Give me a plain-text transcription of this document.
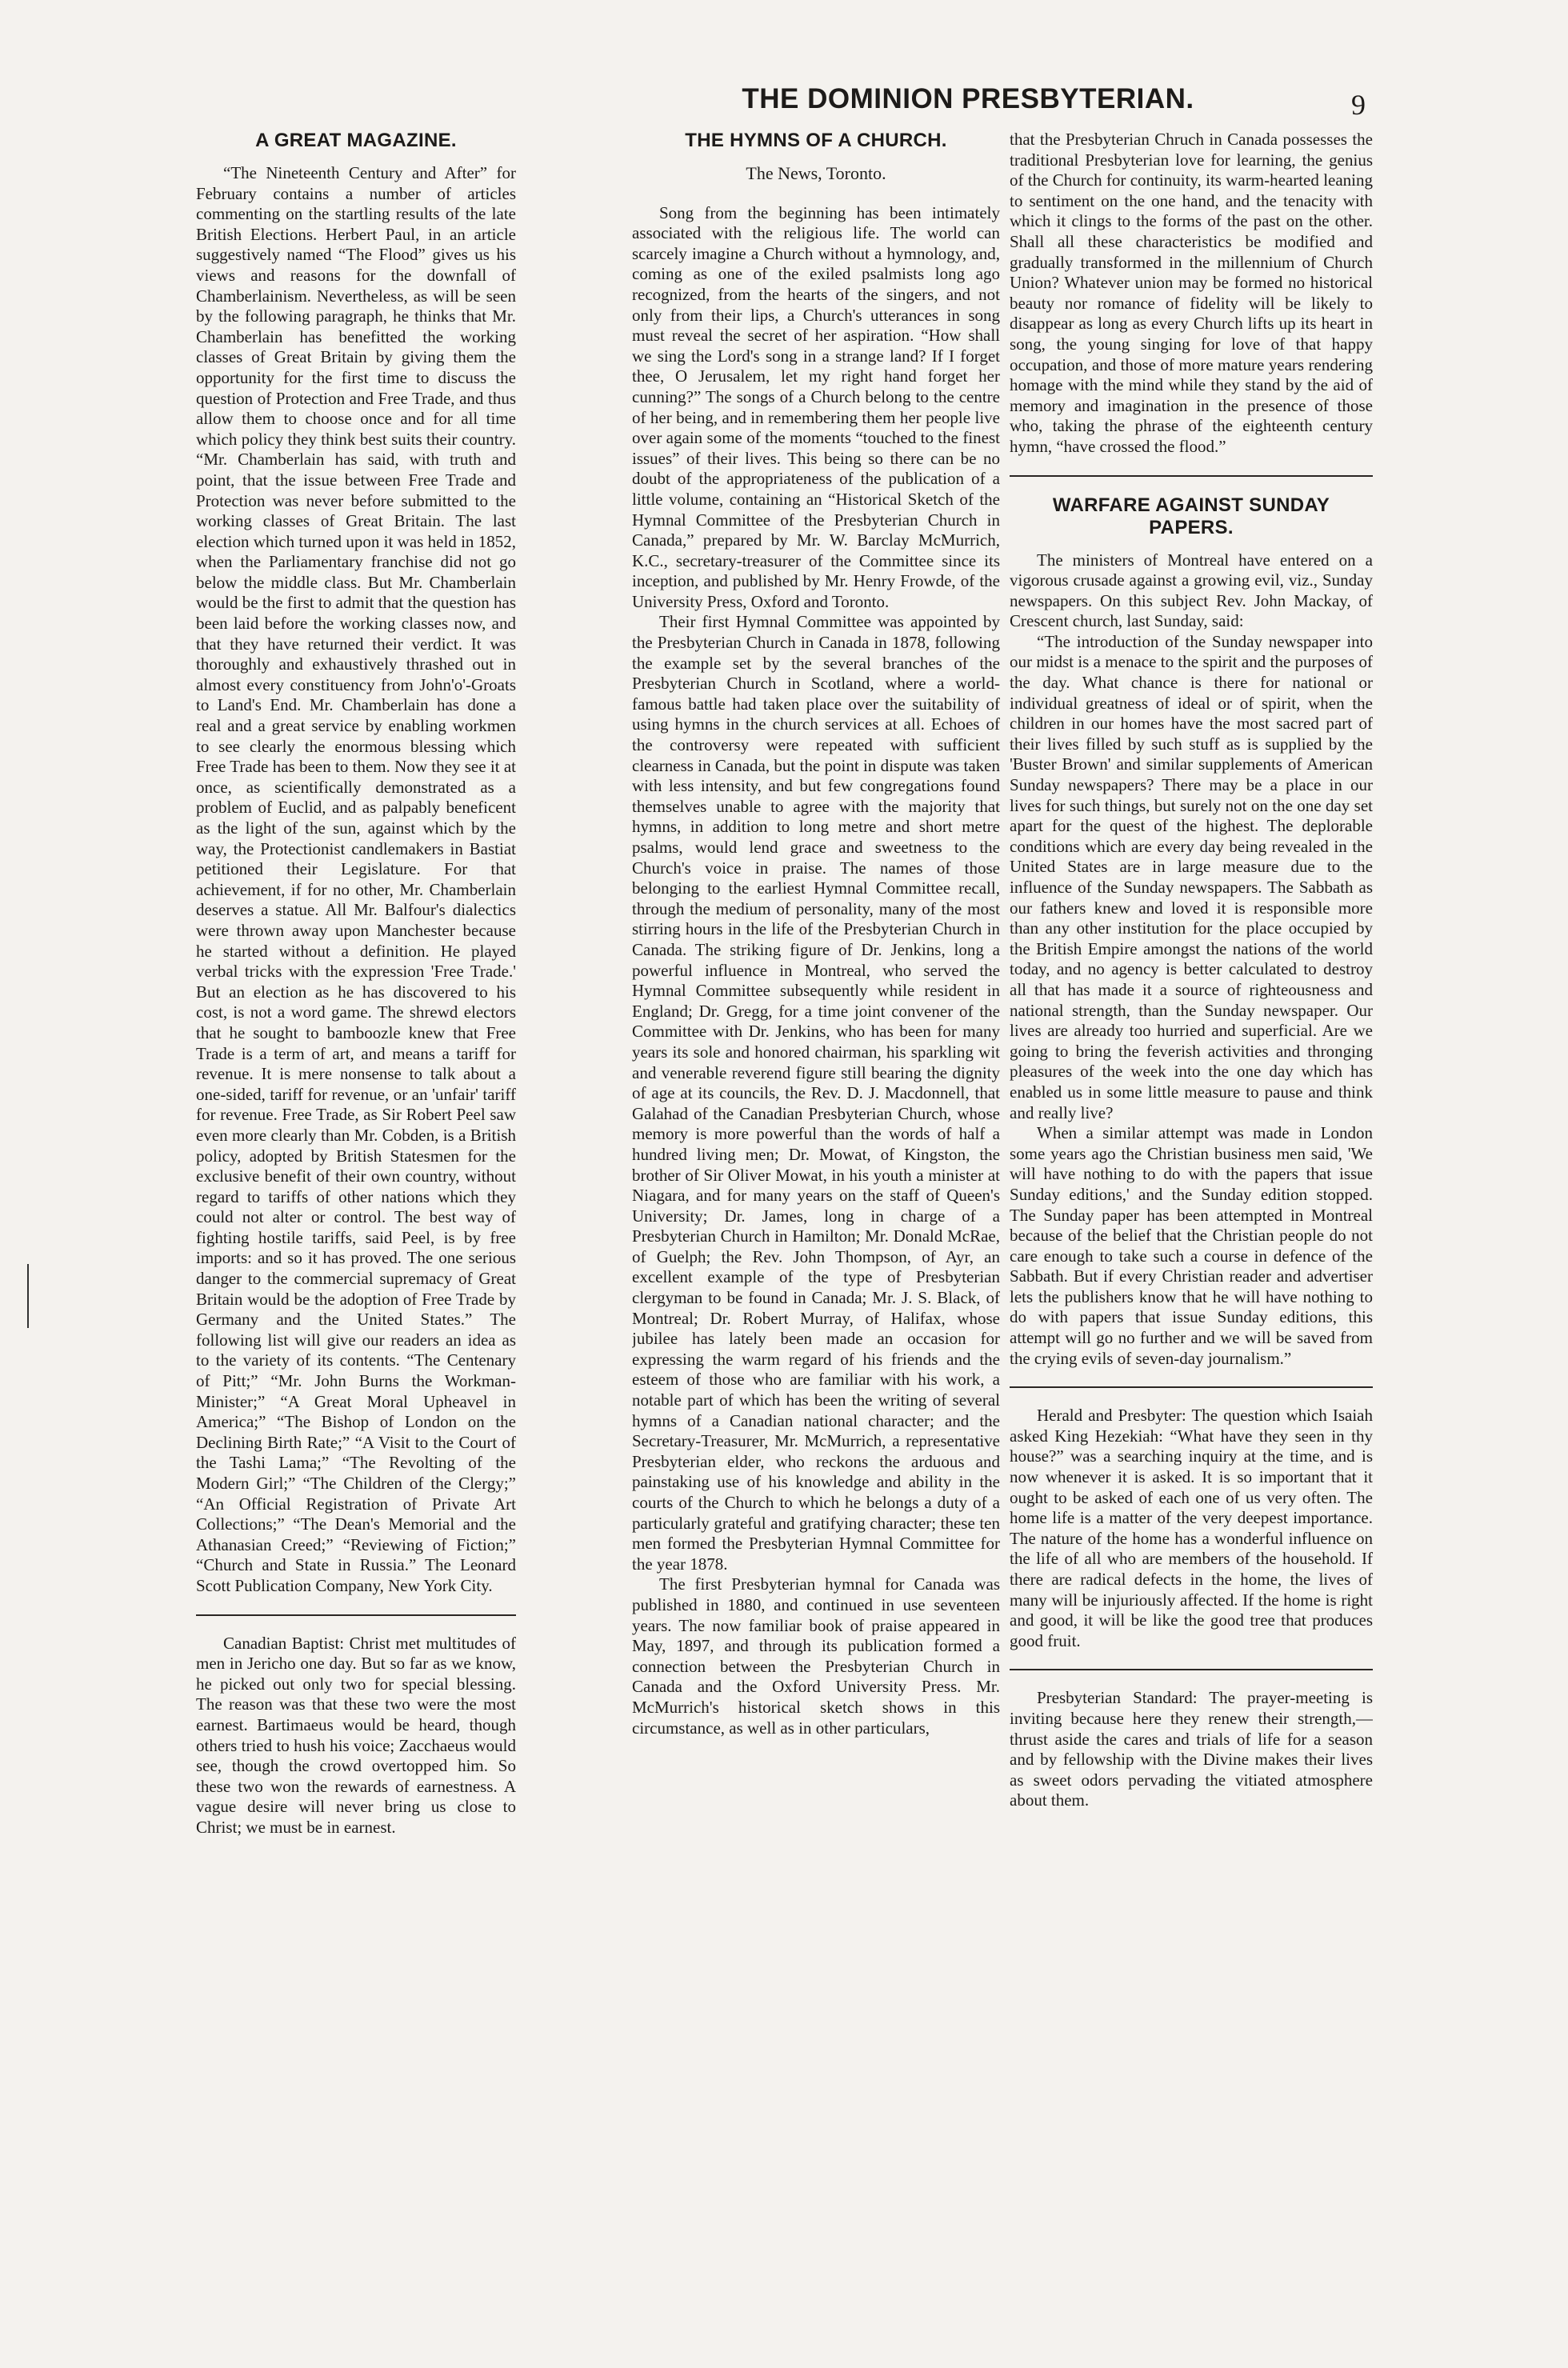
THE DOMINION PRESBYTERIAN.	9
A GREAT MAGAZINE.

“The Nineteenth Century and After” for February contains a number of articles commenting on the startling results of the late British Elections. Herbert Paul, in an article suggestively named “The Flood” gives us his views and reasons for the downfall of Chamberlainism. Nevertheless, as will be seen by the following paragraph, he thinks that Mr. Chamberlain has benefitted the working classes of Great Britain by giving them the opportunity for the first time to discuss the question of Protection and Free Trade, and thus allow them to choose once and for all time which policy they think best suits their country. “Mr. Chamberlain has said, with truth and point, that the issue between Free Trade and Protection was never before submitted to the working classes of Great Britain. The last election which turned upon it was held in 1852, when the Parliamentary franchise did not go below the middle class. But Mr. Chamberlain would be the first to admit that the question has been laid before the working classes now, and that they have returned their verdict. It was thoroughly and exhaustively thrashed out in almost every constituency from John'o'-Groats to Land's End. Mr. Chamberlain has done a real and a great service by enabling workmen to see clearly the enormous blessing which Free Trade has been to them. Now they see it at once, as scientifically demonstrated as a problem of Euclid, and as palpably beneficent as the light of the sun, against which by the way, the Protectionist candlemakers in Bastiat petitioned their Legislature. For that achievement, if for no other, Mr. Chamberlain deserves a statue. All Mr. Balfour's dialectics were thrown away upon Manchester because he started without a definition. He played verbal tricks with the expression 'Free Trade.' But an election as he has discovered to his cost, is not a word game. The shrewd electors that he sought to bamboozle knew that Free Trade is a term of art, and means a tariff for revenue. It is mere nonsense to talk about a one-sided, tariff for revenue, or an 'unfair' tariff for revenue. Free Trade, as Sir Robert Peel saw even more clearly than Mr. Cobden, is a British policy, adopted by British Statesmen for the exclusive benefit of their own country, without regard to tariffs of other nations which they could not alter or control. The best way of fighting hostile tariffs, said Peel, is by free imports: and so it has proved. The one serious danger to the commercial supremacy of Great Britain would be the adoption of Free Trade by Germany and the United States.” The following list will give our readers an idea as to the variety of its contents. “The Centenary of Pitt;” “Mr. John Burns the Workman-Minister;” “A Great Moral Upheavel in America;” “The Bishop of London on the Declining Birth Rate;” “A Visit to the Court of the Tashi Lama;” “The Revolting of the Modern Girl;” “The Children of the Clergy;” “An Official Registration of Private Art Collections;” “The Dean's Memorial and the Athanasian Creed;” “Reviewing of Fiction;” “Church and State in Russia.” The Leonard Scott Publication Company, New York City.

Canadian Baptist: Christ met multitudes of men in Jericho one day. But so far as we know, he picked out only two for special blessing. The reason was that these two were the most earnest. Bartimaeus would be heard, though others tried to hush his voice; Zacchaeus would see, though the crowd overtopped him. So these two won the rewards of earnestness. A vague desire will never bring us close to Christ; we must be in earnest.

THE HYMNS OF A CHURCH.
The News, Toronto.

Song from the beginning has been intimately associated with the religious life. The world can scarcely imagine a Church without a hymnology, and, coming as one of the exiled psalmists long ago recognized, from the hearts of the singers, and not only from their lips, a Church's utterances in song must reveal the secret of her aspiration. “How shall we sing the Lord's song in a strange land? If I forget thee, O Jerusalem, let my right hand forget her cunning?” The songs of a Church belong to the centre of her being, and in remembering them her people live over again some of the moments “touched to the finest issues” of their lives. This being so there can be no doubt of the appropriateness of the publication of a little volume, containing an “Historical Sketch of the Hymnal Committee of the Presbyterian Church in Canada,” prepared by Mr. W. Barclay McMurrich, K.C., secretary-treasurer of the Committee since its inception, and published by Mr. Henry Frowde, of the University Press, Oxford and Toronto.

Their first Hymnal Committee was appointed by the Presbyterian Church in Canada in 1878, following the example set by the several branches of the Presbyterian Church in Scotland, where a world-famous battle had taken place over the suitability of using hymns in the church services at all. Echoes of the controversy were repeated with sufficient clearness in Canada, but the point in dispute was taken with less intensity, and but few congregations found themselves unable to agree with the majority that hymns, in addition to long metre and short metre psalms, would lend grace and sweetness to the Church's voice in praise. The names of those belonging to the earliest Hymnal Committee recall, through the medium of personality, many of the most stirring hours in the life of the Presbyterian Church in Canada. The striking figure of Dr. Jenkins, long a powerful influence in Montreal, who served the Hymnal Committee subsequently while resident in England; Dr. Gregg, for a time joint convener of the Committee with Dr. Jenkins, who has been for many years its sole and honored chairman, his sparkling wit and venerable reverend figure still bearing the dignity of age at its councils, the Rev. D. J. Macdonnell, that Galahad of the Canadian Presbyterian Church, whose memory is more powerful than the words of half a hundred living men; Dr. Mowat, of Kingston, the brother of Sir Oliver Mowat, in his youth a minister at Niagara, and for many years on the staff of Queen's University; Dr. James, long in charge of a Presbyterian Church in Hamilton; Mr. Donald McRae, of Guelph; the Rev. John Thompson, of Ayr, an excellent example of the type of Presbyterian clergyman to be found in Canada; Mr. J. S. Black, of Montreal; Dr. Robert Murray, of Halifax, whose jubilee has lately been made an occasion for expressing the warm regard of his friends and the esteem of those who are familiar with his work, a notable part of which has been the writing of several hymns of a Canadian national character; and the Secretary-Treasurer, Mr. McMurrich, a representative Presbyterian elder, who reckons the arduous and painstaking use of his knowledge and ability in the courts of the Church to which he belongs a duty of a particularly grateful and gratifying character; these ten men formed the Presbyterian Hymnal Committee for the year 1878.

The first Presbyterian hymnal for Canada was published in 1880, and continued in use seventeen years. The now familiar book of praise appeared in May, 1897, and through its publication formed a connection between the Presbyterian Church in Canada and the Oxford University Press. Mr. McMurrich's historical sketch shows in this circumstance, as well as in other particulars,

that the Presbyterian Chruch in Canada possesses the traditional Presbyterian love for learning, the genius of the Church for continuity, its warm-hearted leaning to sentiment on the one hand, and the tenacity with which it clings to the forms of the past on the other. Shall all these characteristics be modified and gradually transformed in the millennium of Church Union? Whatever union may be formed no historical beauty nor romance of fidelity will be likely to disappear as long as every Church lifts up its heart in song, the young singing for love of that happy occupation, and those of more mature years rendering homage with the mind while they stand by the aid of memory and imagination in the presence of those who, taking the phrase of the eighteenth century hymn, “have crossed the flood.”

WARFARE AGAINST SUNDAY PAPERS.

The ministers of Montreal have entered on a vigorous crusade against a growing evil, viz., Sunday newspapers. On this subject Rev. John Mackay, of Crescent church, last Sunday, said:

“The introduction of the Sunday newspaper into our midst is a menace to the spirit and the purposes of the day. What chance is there for national or individual greatness of ideal or of spirit, when the children in our homes have the most sacred part of their lives filled by such stuff as is supplied by the 'Buster Brown' and similar supplements of American Sunday newspapers? There may be a place in our lives for such things, but surely not on the one day set apart for the quest of the highest. The deplorable conditions which are every day being revealed in the United States are in large measure due to the influence of the Sunday newspapers. The Sabbath as our fathers knew and loved it is responsible more than any other institution for the place occupied by the British Empire amongst the nations of the world today, and no agency is better calculated to destroy all that has made it a source of righteousness and national strength, than the Sunday newspaper. Our lives are already too hurried and superficial. Are we going to bring the feverish activities and thronging pleasures of the week into the one day which has enabled us in some little measure to pause and think and really live?

When a similar attempt was made in London some years ago the Christian business men said, 'We will have nothing to do with the papers that issue Sunday editions,' and the Sunday edition stopped. The Sunday paper has been attempted in Montreal because of the belief that the Christian people do not care enough to take such a course in defence of the Sabbath. But if every Christian reader and advertiser lets the publishers know that he will have nothing to do with papers that issue Sunday editions, this attempt will go no further and we will be saved from the crying evils of seven-day journalism.”

Herald and Presbyter: The question which Isaiah asked King Hezekiah: “What have they seen in thy house?” was a searching inquiry at the time, and is now whenever it is asked. It is so important that it ought to be asked of each one of us very often. The home life is a matter of the very deepest importance. The nature of the home has a wonderful influence on the life of all who are members of the household. If there are radical defects in the home, the lives of many will be injuriously affected. If the home is right and good, it will be like the good tree that produces good fruit.

Presbyterian Standard: The prayer-meeting is inviting because here they renew their strength,—thrust aside the cares and trials of life for a season and by fellowship with the Divine makes their lives as sweet odors pervading the vitiated atmosphere about them.
